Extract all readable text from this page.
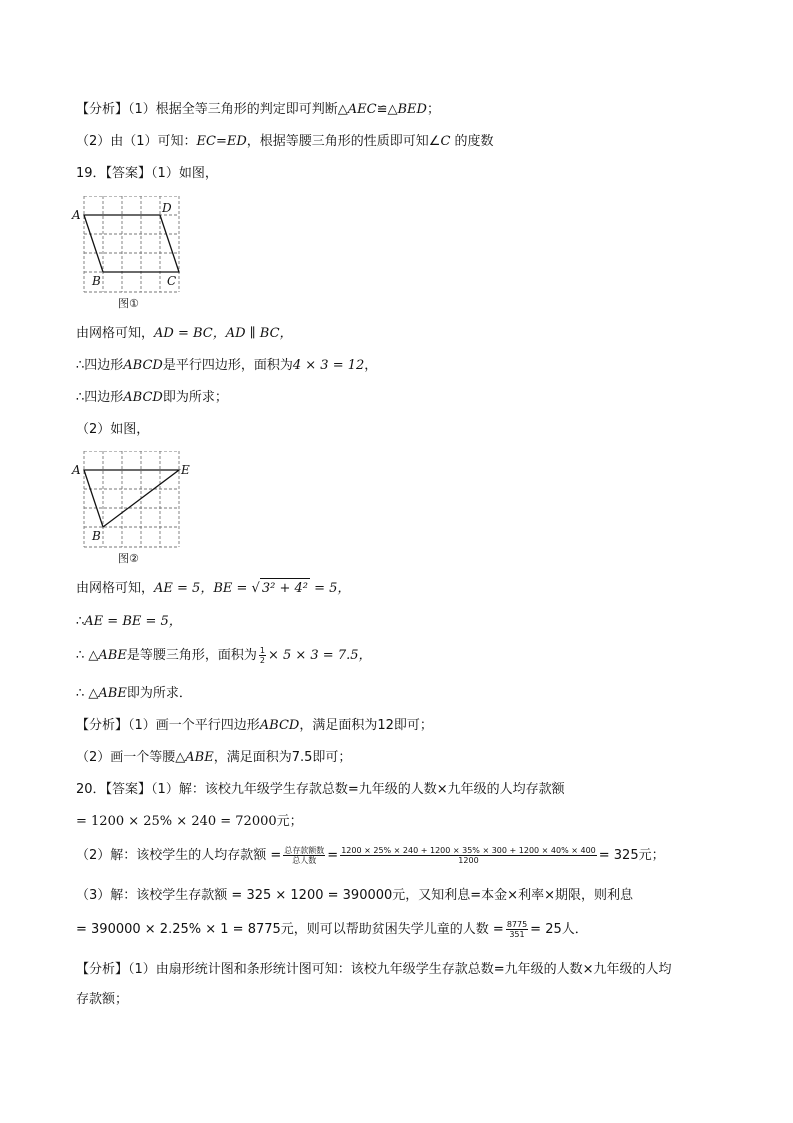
【分析】（1）根据全等三角形的判定即可判断△AEC≌△BED；
（2）由（1）可知：EC=ED，根据等腰三角形的性质即可知∠C 的度数
19．【答案】（1）如图，
A	D
B	C
图①
由网格可知，AD = BC，AD ∥ BC，
∴四边形ABCD是平行四边形，面积为4 × 3 = 12，
∴四边形ABCD即为所求；
（2）如图，
A	E
B
图②
由网格可知，AE = 5，BE = √ 3² + 4² = 5，
∴AE = BE = 5，
∴ △ABE是等腰三角形，面积为 $\frac{1}{2} \times 5 \times 3 = 7.5$，
∴ △ABE即为所求．
【分析】（1）画一个平行四边形ABCD，满足面积为12即可；
（2）画一个等腰△ABE，满足面积为7.5即可；
20．【答案】（1）解：该校九年级学生存款总数=九年级的人数×九年级的人均存款额
= 1200 × 25% × 240 = 72000元；
（2）解：该校学生的人均存款额 = $\frac{\text{总存款额数}}{\text{总人数}} = \frac{1200 \times 25\% \times 240 + 1200 \times 35\% \times 300 + 1200 \times 40\% \times 400}{1200} = 325$元；
（3）解：该校学生存款额 = 325 × 1200 = 390000元，又知利息=本金×利率×期限，则利息
= 390000 × 2.25% × 1 = 8775元，则可以帮助贫困失学儿童的人数 = $\frac{8775}{351} = 25$人．
【分析】（1）由扇形统计图和条形统计图可知：该校九年级学生存款总数=九年级的人数×九年级的人均
存款额；
